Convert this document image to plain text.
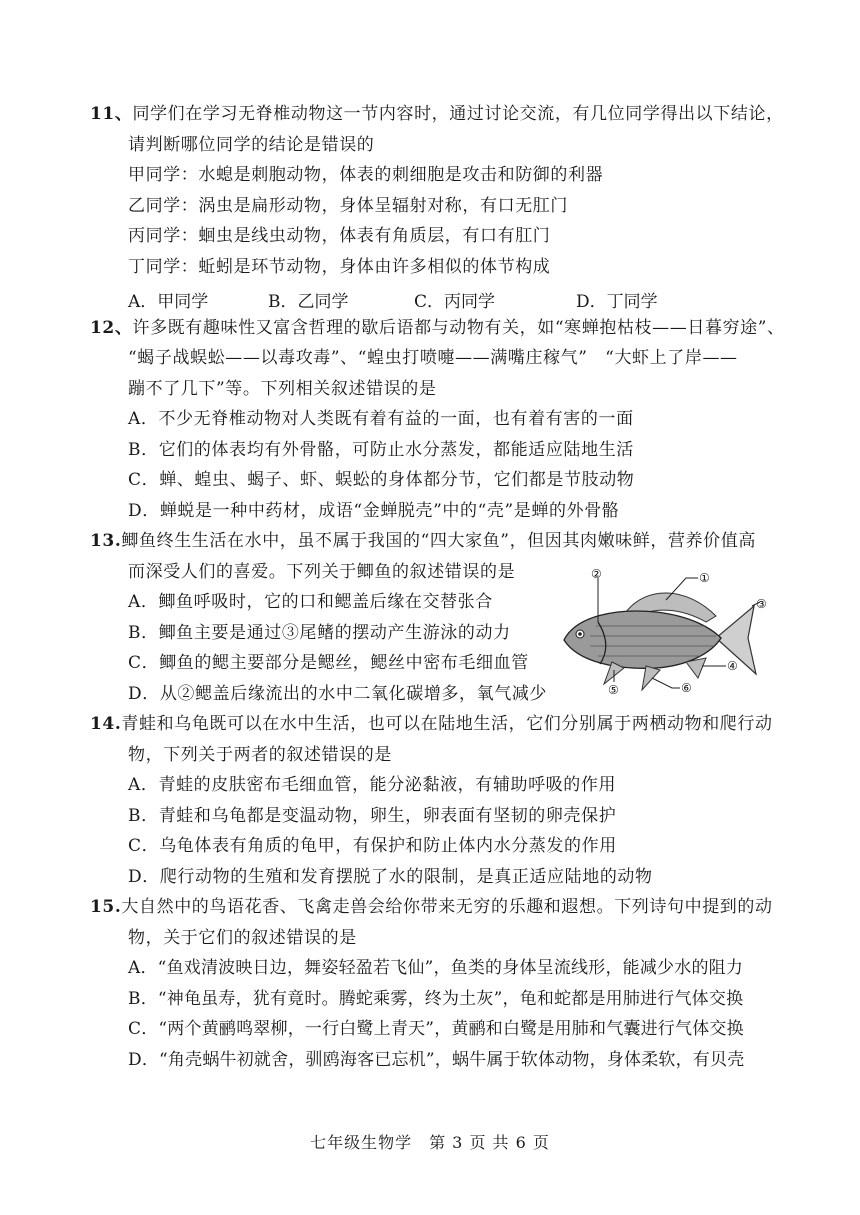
11、同学们在学习无脊椎动物这一节内容时，通过讨论交流，有几位同学得出以下结论，
请判断哪位同学的结论是错误的
甲同学：水螅是刺胞动物，体表的刺细胞是攻击和防御的利器
乙同学：涡虫是扁形动物，身体呈辐射对称，有口无肛门
丙同学：蛔虫是线虫动物，体表有角质层，有口有肛门
丁同学：蚯蚓是环节动物，身体由许多相似的体节构成
A．甲同学	B．乙同学	C．丙同学	D．丁同学
12、许多既有趣味性又富含哲理的歇后语都与动物有关，如“寒蝉抱枯枝——日暮穷途”、
“蝎子战蜈蚣——以毒攻毒”、“蝗虫打喷嚏——满嘴庄稼气”　“大虾上了岸——
蹦不了几下”等。下列相关叙述错误的是
A．不少无脊椎动物对人类既有着有益的一面，也有着有害的一面
B．它们的体表均有外骨骼，可防止水分蒸发，都能适应陆地生活
C．蝉、蝗虫、蝎子、虾、蜈蚣的身体都分节，它们都是节肢动物
D．蝉蜕是一种中药材，成语“金蝉脱壳”中的“壳”是蝉的外骨骼
13.鲫鱼终生生活在水中，虽不属于我国的“四大家鱼”，但因其肉嫩味鲜，营养价值高
而深受人们的喜爱。下列关于鲫鱼的叙述错误的是
A．鲫鱼呼吸时，它的口和鳃盖后缘在交替张合
B．鲫鱼主要是通过③尾鳍的摆动产生游泳的动力
C．鲫鱼的鳃主要部分是鳃丝，鳃丝中密布毛细血管
D．从②鳃盖后缘流出的水中二氧化碳增多，氧气减少
②	①
③
④
⑤	⑥
14.青蛙和乌龟既可以在水中生活，也可以在陆地生活，它们分别属于两栖动物和爬行动
物，下列关于两者的叙述错误的是
A．青蛙的皮肤密布毛细血管，能分泌黏液，有辅助呼吸的作用
B．青蛙和乌龟都是变温动物，卵生，卵表面有坚韧的卵壳保护
C．乌龟体表有角质的龟甲，有保护和防止体内水分蒸发的作用
D．爬行动物的生殖和发育摆脱了水的限制，是真正适应陆地的动物
15.大自然中的鸟语花香、飞禽走兽会给你带来无穷的乐趣和遐想。下列诗句中提到的动
物，关于它们的叙述错误的是
A．“鱼戏清波映日边，舞姿轻盈若飞仙”，鱼类的身体呈流线形，能减少水的阻力
B．“神龟虽寿，犹有竟时。腾蛇乘雾，终为土灰”，龟和蛇都是用肺进行气体交换
C．“两个黄鹂鸣翠柳，一行白鹭上青天”，黄鹂和白鹭是用肺和气囊进行气体交换
D．“角壳蜗牛初就舍，驯鸥海客已忘机”，蜗牛属于软体动物，身体柔软，有贝壳
七年级生物学　第 3 页 共 6 页
